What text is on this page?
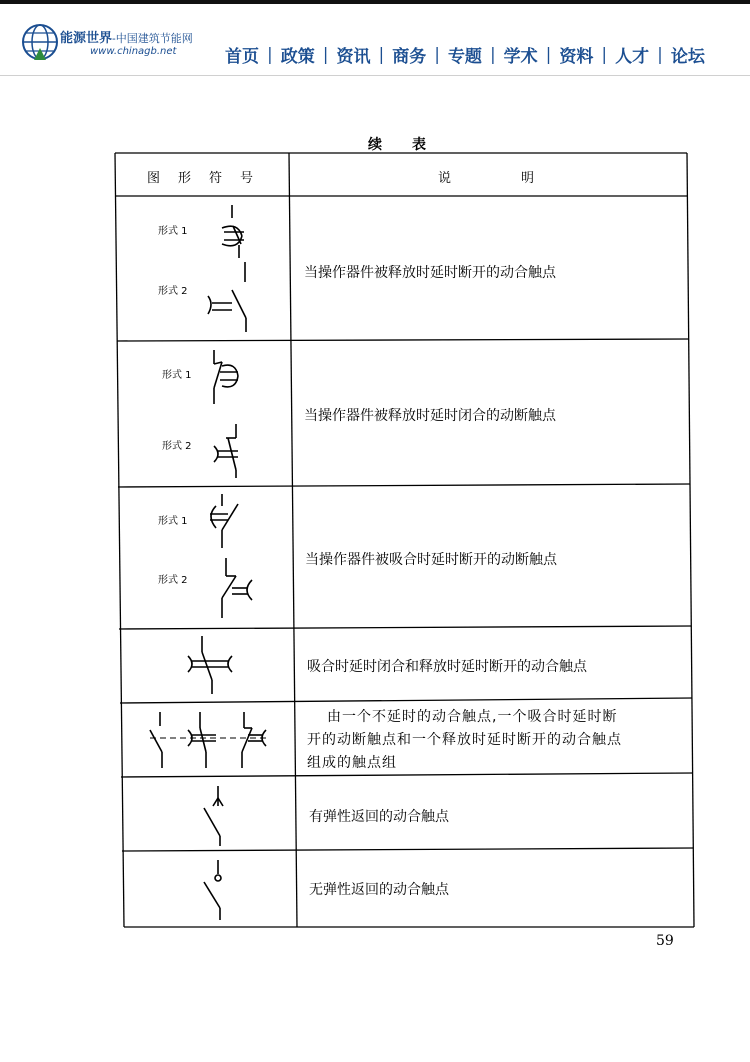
能源世界-中国建筑节能网
www.chinagb.net	首页 | 政策 | 资讯 | 商务 | 专题 | 学术 | 资料 | 人才 | 论坛
续表
图形符号	说明
形式 1
形式 2
当操作器件被释放时延时断开的动合触点
形式 1
形式 2
当操作器件被释放时延时闭合的动断触点
形式 1
形式 2
当操作器件被吸合时延时断开的动断触点
吸合时延时闭合和释放时延时断开的动合触点
由一个不延时的动合触点,一个吸合时延时断
开的动断触点和一个释放时延时断开的动合触点
组成的触点组
有弹性返回的动合触点
无弹性返回的动合触点
59
